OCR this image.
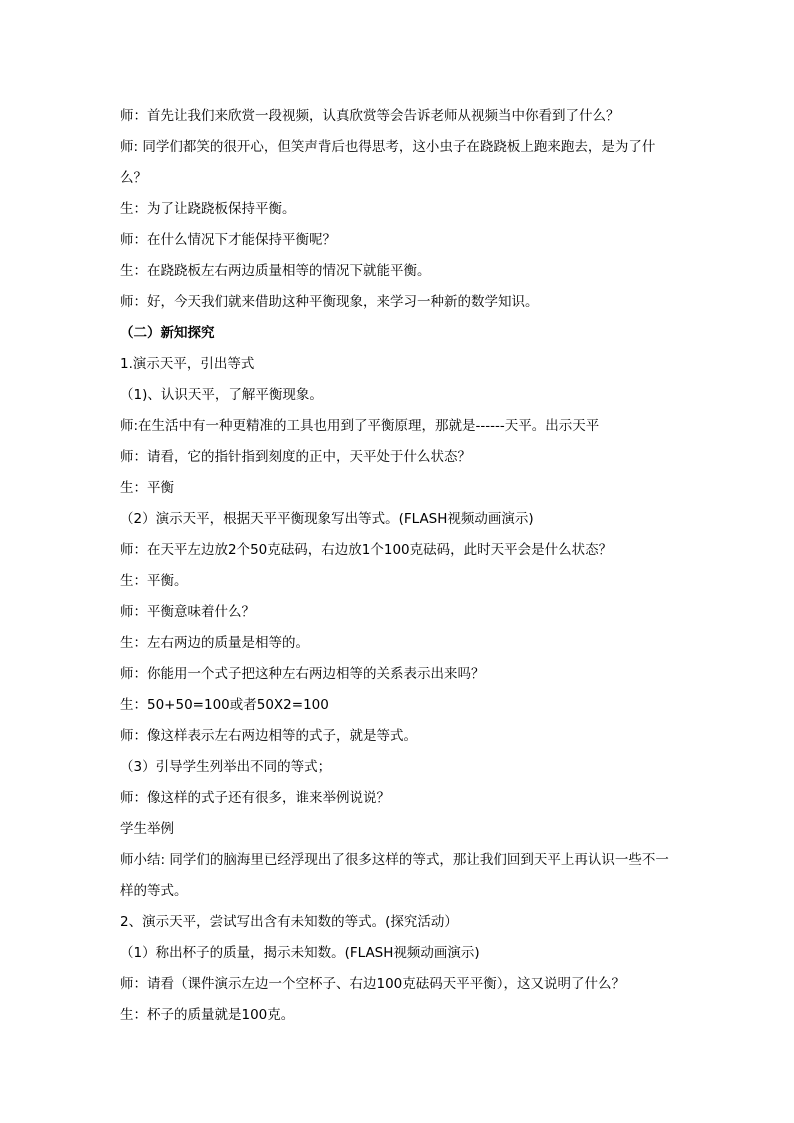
师：首先让我们来欣赏一段视频，认真欣赏等会告诉老师从视频当中你看到了什么？
师: 同学们都笑的很开心，但笑声背后也得思考，这小虫子在跷跷板上跑来跑去，是为了什么？
生：为了让跷跷板保持平衡。
师：在什么情况下才能保持平衡呢？
生：在跷跷板左右两边质量相等的情况下就能平衡。
师：好，今天我们就来借助这种平衡现象，来学习一种新的数学知识。
（二）新知探究
1.演示天平，引出等式
（1)、认识天平，了解平衡现象。
师:在生活中有一种更精准的工具也用到了平衡原理，那就是------天平。出示天平
师：请看，它的指针指到刻度的正中，天平处于什么状态？
生：平衡
（2）演示天平，根据天平平衡现象写出等式。(FLASH视频动画演示)
师：在天平左边放2个50克砝码，右边放1个100克砝码，此时天平会是什么状态？
生：平衡。
师：平衡意味着什么？
生：左右两边的质量是相等的。
师：你能用一个式子把这种左右两边相等的关系表示出来吗？
生：50+50=100或者50X2=100
师：像这样表示左右两边相等的式子，就是等式。
（3）引导学生列举出不同的等式；
师：像这样的式子还有很多，谁来举例说说？
学生举例
师小结: 同学们的脑海里已经浮现出了很多这样的等式，那让我们回到天平上再认识一些不一样的等式。
2、演示天平，尝试写出含有未知数的等式。(探究活动）
（1）称出杯子的质量，揭示未知数。(FLASH视频动画演示)
师：请看（课件演示左边一个空杯子、右边100克砝码天平平衡），这又说明了什么？
生：杯子的质量就是100克。
